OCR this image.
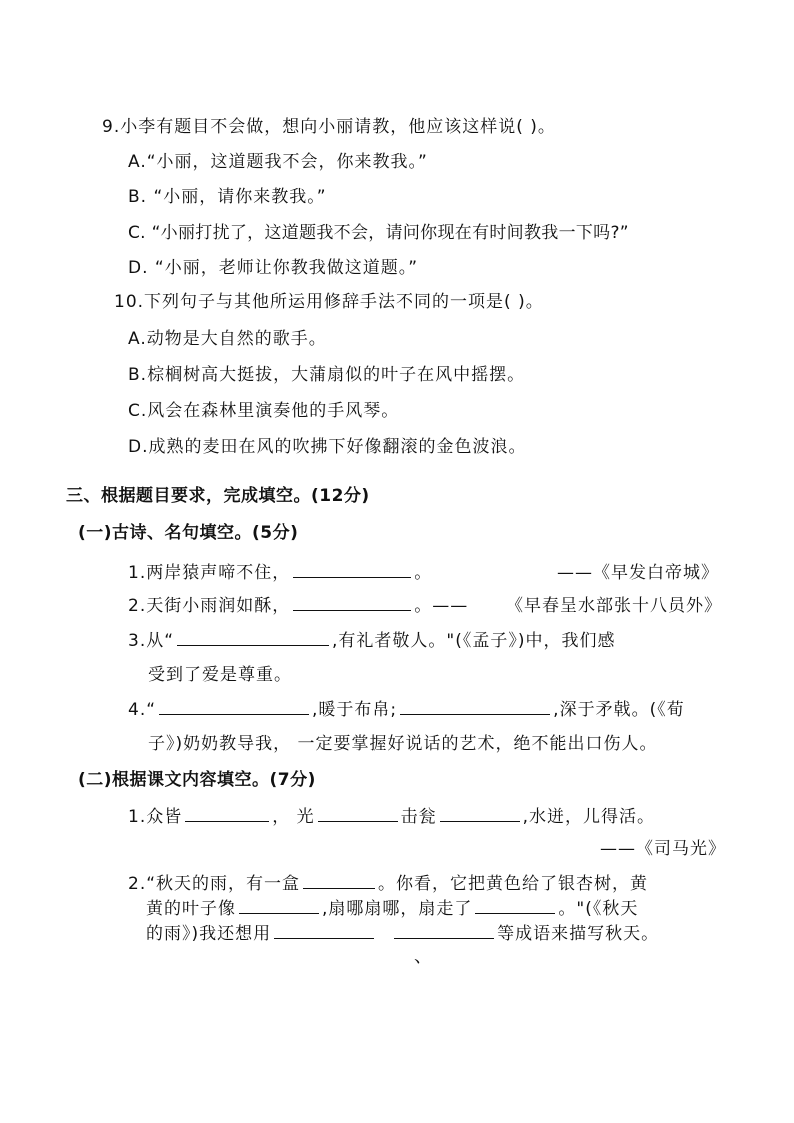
9.小李有题目不会做，想向小丽请教，他应该这样说( )。
A.“小丽，这道题我不会，你来教我。”
B. “小丽，请你来教我。”
C. “小丽打扰了，这道题我不会，请问你现在有时间教我一下吗?”
D. “小丽，老师让你教我做这道题。”
10.下列句子与其他所运用修辞手法不同的一项是( )。
A.动物是大自然的歌手。
B.棕榈树高大挺拔，大蒲扇似的叶子在风中摇摆。
C.风会在森林里演奏他的手风琴。
D.成熟的麦田在风的吹拂下好像翻滚的金色波浪。
三、根据题目要求，完成填空。(12分)
(一)古诗、名句填空。(5分)
1.两岸猿声啼不住，	。	——《早发白帝城》
2.天街小雨润如酥，	。—— 《早春呈水部张十八员外》
3.从“	,有礼者敬人。"(《孟子》)中，我们感
受到了爱是尊重。
4.“	,暖于布帛;	,深于矛戟。(《荀
子》)奶奶教导我， 一定要掌握好说话的艺术，绝不能出口伤人。
(二)根据课文内容填空。(7分)
1.众皆	， 光	击瓮	,水迸，儿得活。
——《司马光》
2.“秋天的雨，有一盒	。你看，它把黄色给了银杏树，黄
黄的叶子像	,扇哪扇哪，扇走了	。"(《秋天
的雨》)我还想用	等成语来描写秋天。
、
